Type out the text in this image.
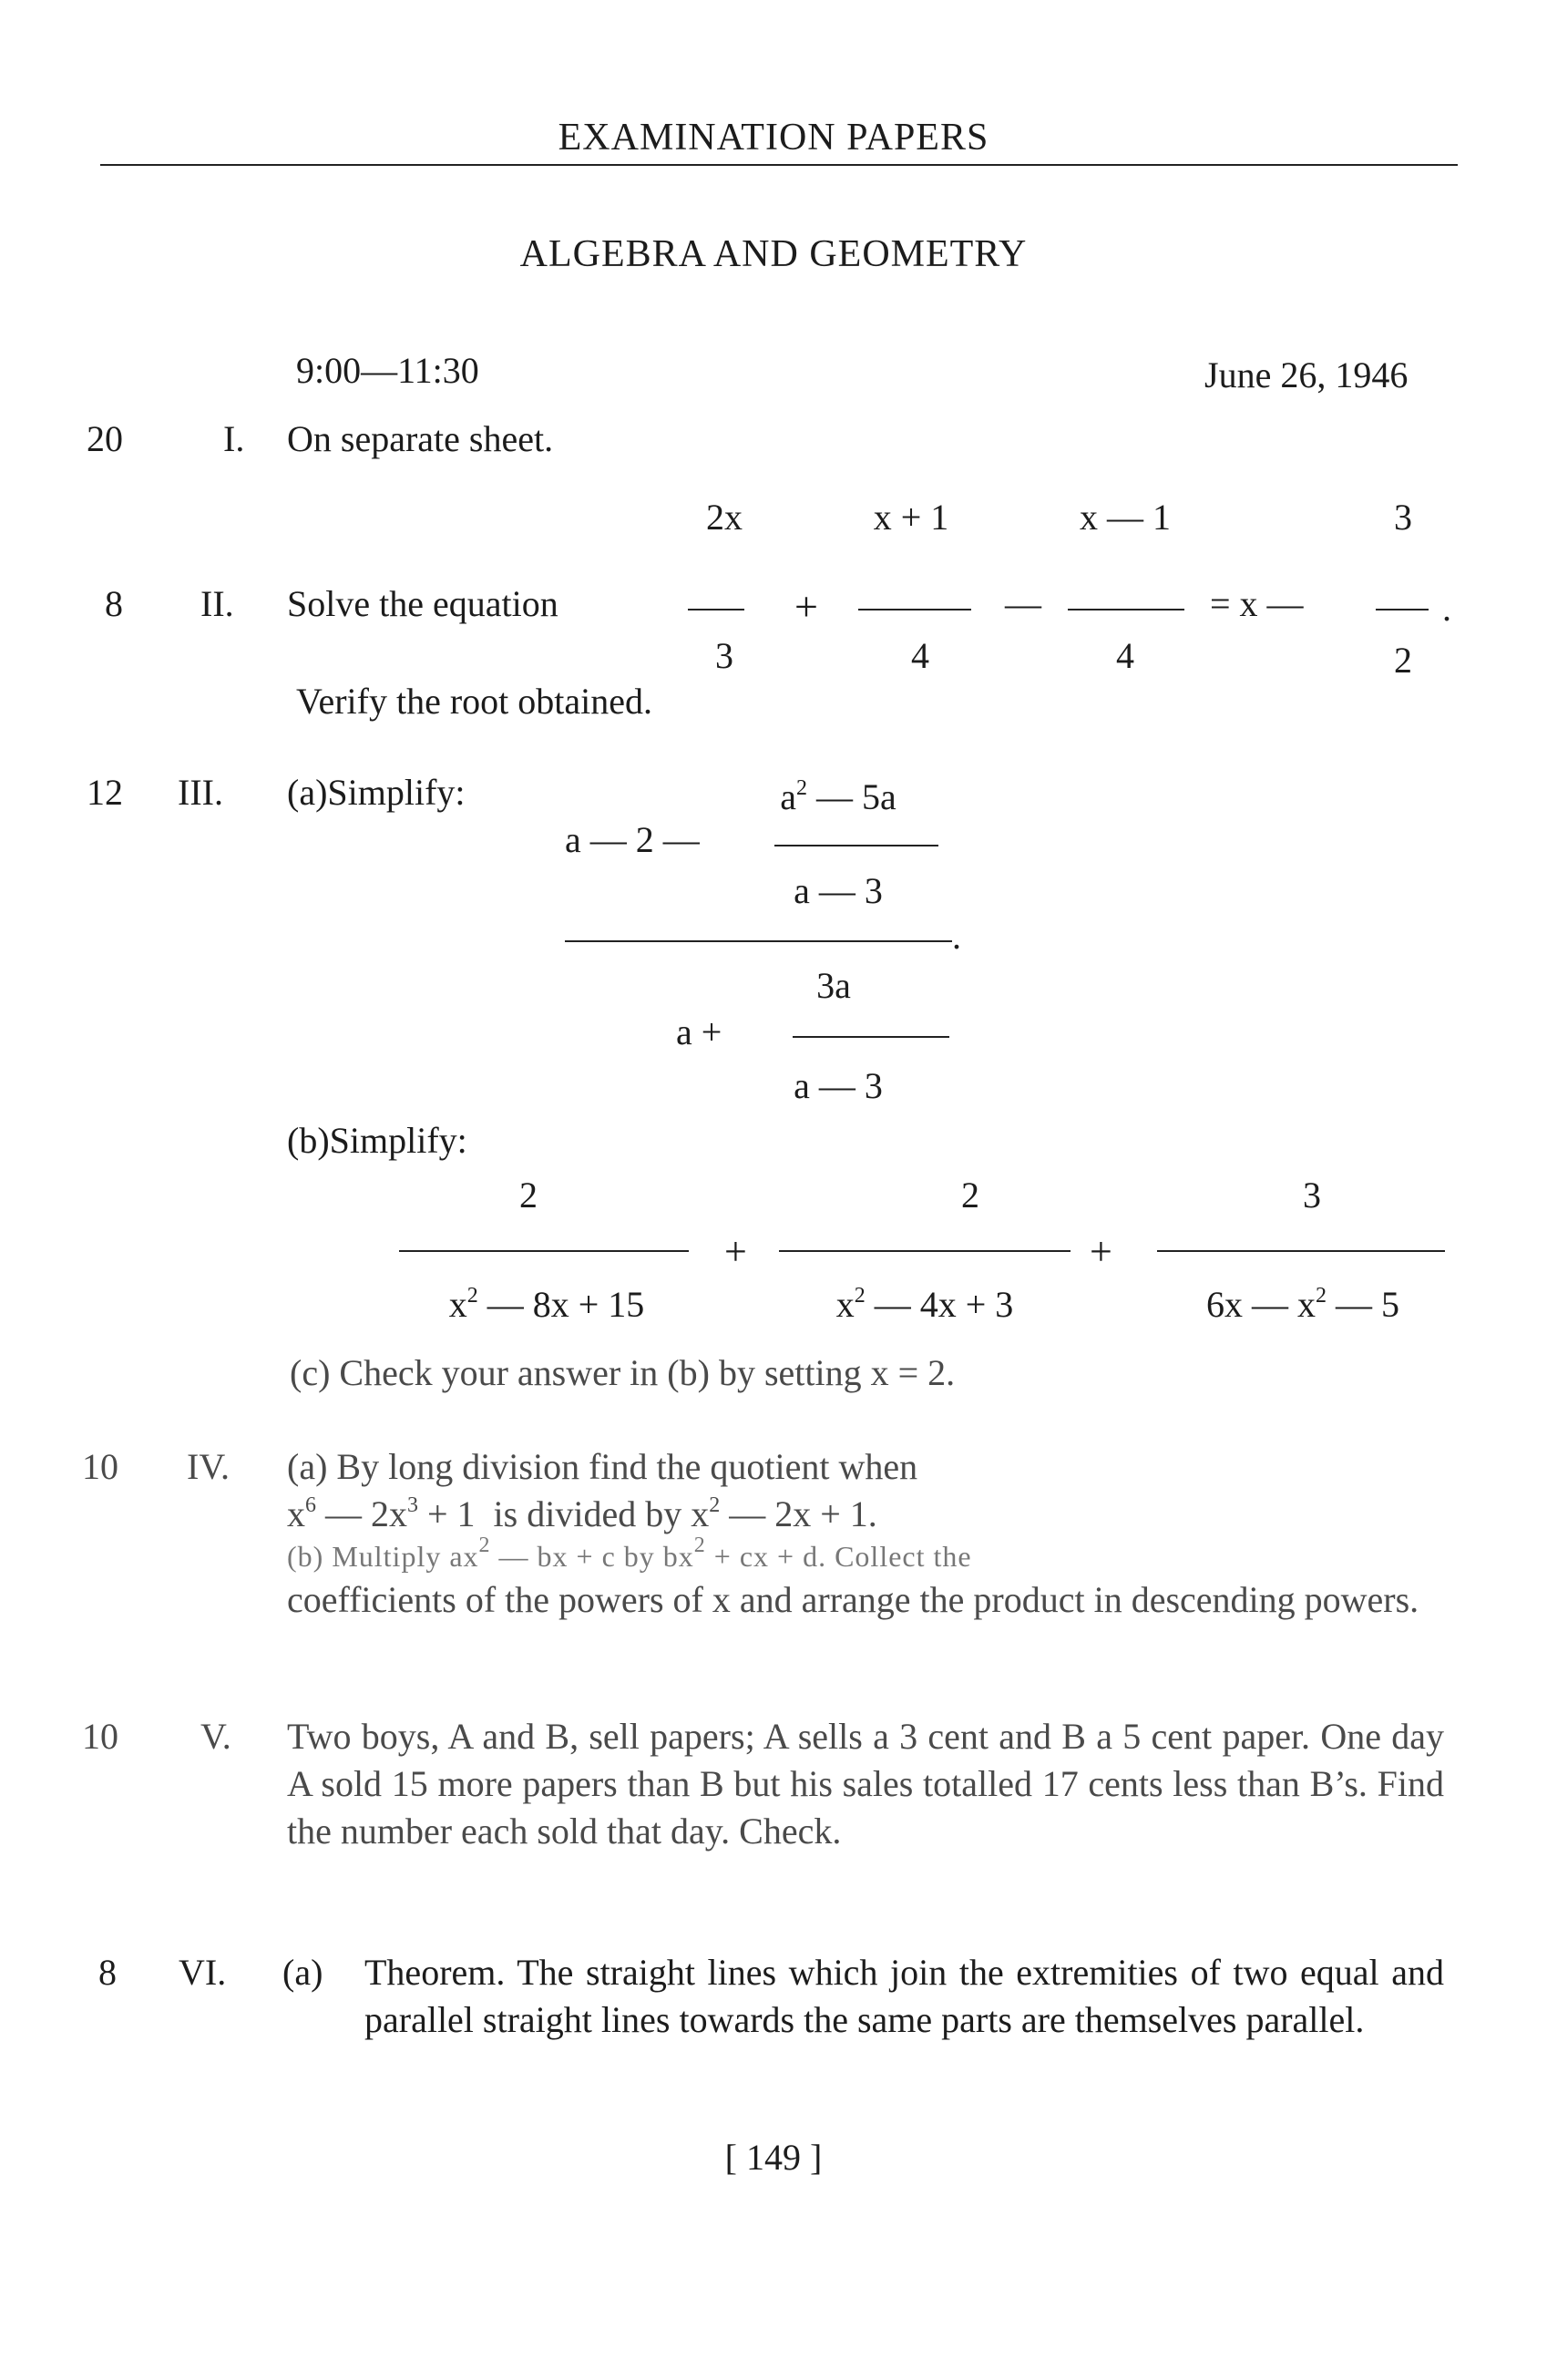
EXAMINATION PAPERS
ALGEBRA AND GEOMETRY
9:00—11:30	June 26, 1946
20	I. On separate sheet.
8 II. Solve the equation
2x
3
+
x + 1
4
—
x — 1
4
= x —
3
2
.
Verify the root obtained.
12 III. (a)Simplify:	$a^2$ — 5a
a — 2 —
a — 3
.
3a
a +
a — 3
(b)Simplify:
2
$x^2$ — 8x + 15
+
2
$x^2$ — 4x + 3
+
3
6x — $x^2$ — 5
(c) Check your answer in (b) by setting x = 2.
10 IV. (a) By long division find the quotient when
$x^6$ — $2x^3 + 1$  is divided by $x^2$ — 2x + 1.
(b) Multiply $ax^2$ — bx + c by $bx^2$ + cx + d. Collect the
coefficients of the powers of x and arrange the product in descending powers.
10 V. Two boys, A and B, sell papers; A sells a 3 cent and B a 5 cent paper. One day A sold 15 more papers than B but his sales totalled 17 cents less than B’s. Find the number each sold that day. Check.
8 VI. (a) Theorem. The straight lines which join the extremities of two equal and parallel straight lines towards the same parts are themselves parallel.
[ 149 ]
